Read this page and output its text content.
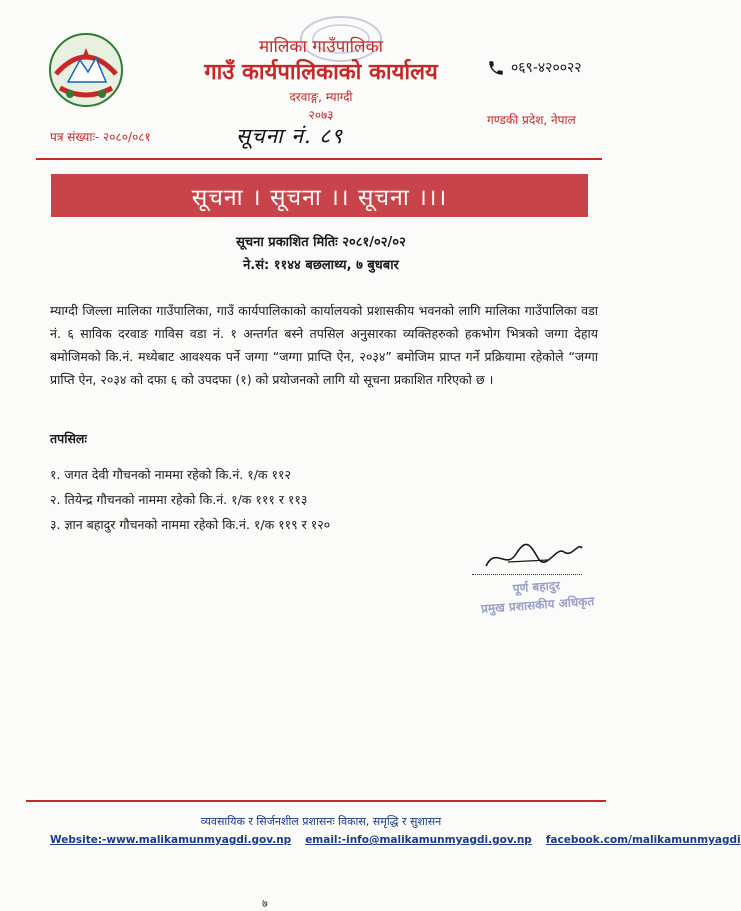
मालिका गाउँपालिका
गाउँ कार्यपालिकाको कार्यालय
दरवाङ्ग, म्याग्दी
२०७३
०६९-४२००२२
गण्डकी प्रदेश, नेपाल
पत्र संख्याः- २०८०/०८१	सूचना नं. ८९
सूचना । सूचना ।। सूचना ।।।
सूचना प्रकाशित मितिः २०८१/०२/०२
ने.सं: ११४४ बछलाथ्य, ७ बुधबार
म्याग्दी जिल्ला मालिका गाउँपालिका, गाउँ कार्यपालिकाको कार्यालयको प्रशासकीय भवनको लागि मालिका गाउँपालिका वडा नं. ६ साविक दरवाङ गाविस वडा नं. १ अन्तर्गत बस्ने तपसिल अनुसारका व्यक्तिहरुको हकभोग भित्रको जग्गा देहाय बमोजिमको कि.नं. मध्येबाट आवश्यक पर्ने जग्गा “जग्गा प्राप्ति ऐन, २०३४” बमोजिम प्राप्त गर्ने प्रक्रियामा रहेकोले “जग्गा प्राप्ति ऐन, २०३४ को दफा ६ को उपदफा (१) को प्रयोजनको लागि यो सूचना प्रकाशित गरिएको छ ।
तपसिलः
१. जगत देवी गौचनको नाममा रहेको कि.नं. १/क ११२
२. तियेन्द्र गौचनको नाममा रहेको कि.नं. १/क १११ र ११३
३. ज्ञान बहादुर गौचनको नाममा रहेको कि.नं. १/क ११९ र १२०
पूर्ण बहादुर
प्रमुख प्रशासकीय अधिकृत
व्यवसायिक र सिर्जनशील प्रशासनः विकास, समृद्धि र सुशासन
Website:-www.malikamunmyagdi.gov.np email:-info@malikamunmyagdi.gov.np facebook.com/malikamunmyagdi
७
